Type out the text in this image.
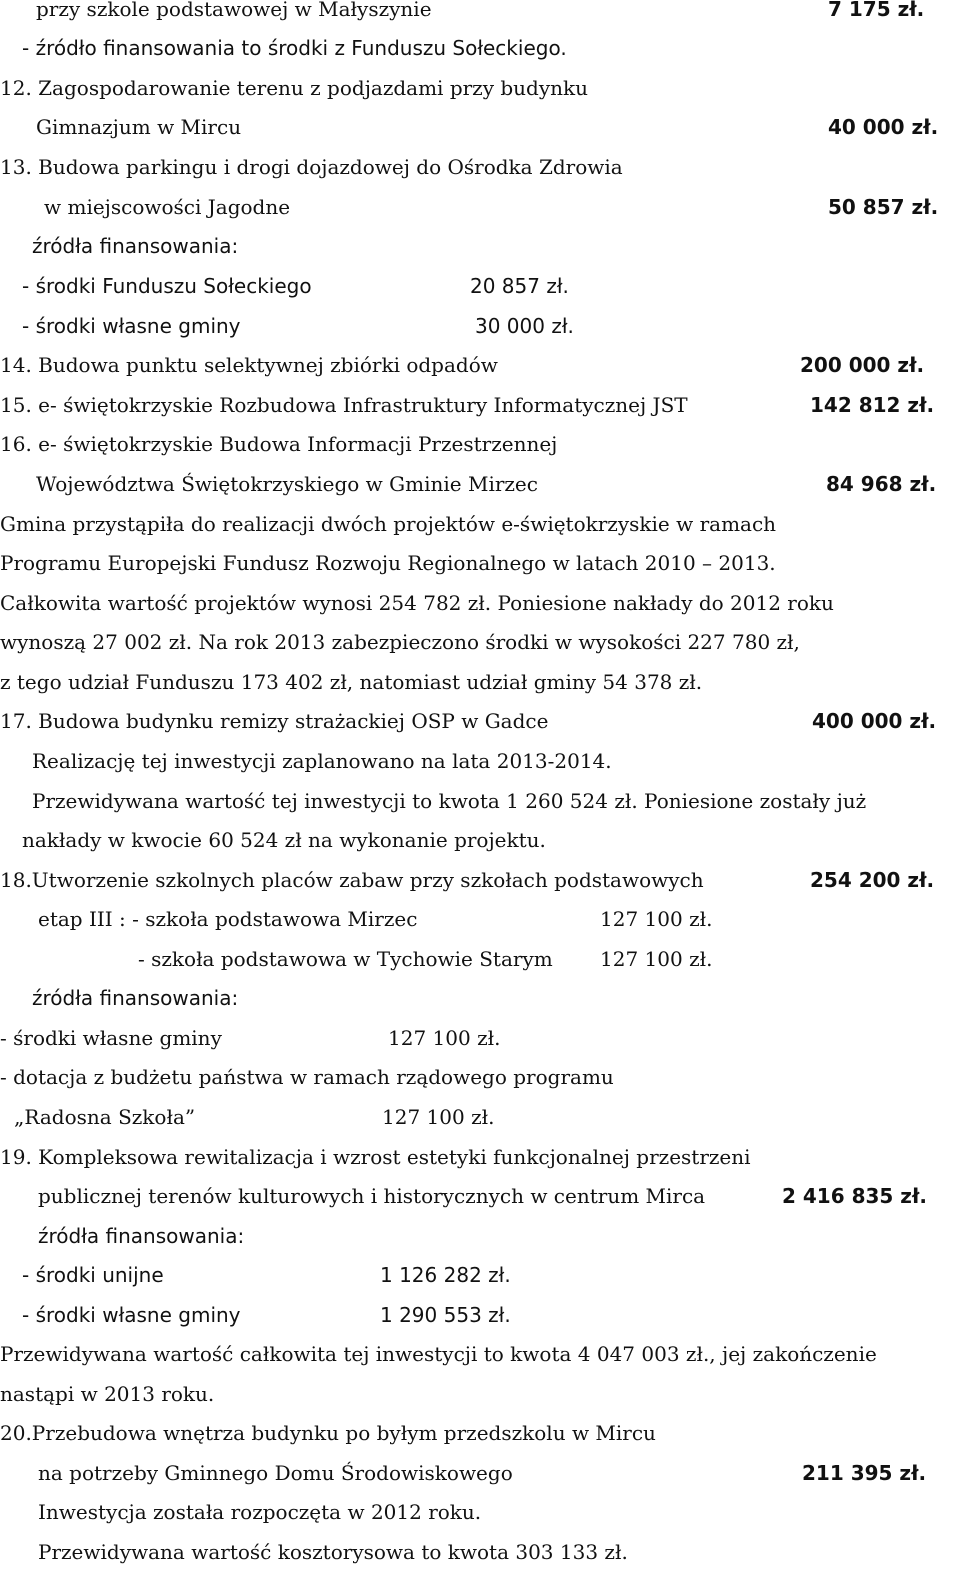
przy szkole podstawowej w Małyszynie	7 175 zł.
- źródło finansowania to środki z Funduszu Sołeckiego.
12. Zagospodarowanie terenu z podjazdami przy budynku
Gimnazjum w Mircu	40 000 zł.
13. Budowa parkingu i drogi dojazdowej do Ośrodka Zdrowia
w miejscowości Jagodne	50 857 zł.
źródła finansowania:
- środki Funduszu Sołeckiego	20 857 zł.
- środki własne gminy	30 000 zł.
14. Budowa punktu selektywnej zbiórki odpadów	200 000 zł.
15. e- świętokrzyskie Rozbudowa Infrastruktury Informatycznej JST	142 812 zł.
16. e- świętokrzyskie Budowa Informacji Przestrzennej
Województwa Świętokrzyskiego w Gminie Mirzec	84 968 zł.
Gmina przystąpiła do realizacji dwóch projektów e-świętokrzyskie w ramach
Programu Europejski Fundusz Rozwoju Regionalnego w latach 2010 – 2013.
Całkowita wartość projektów wynosi 254 782 zł. Poniesione nakłady do 2012 roku
wynoszą 27 002 zł. Na rok 2013 zabezpieczono środki w wysokości 227 780 zł,
z tego udział Funduszu 173 402 zł, natomiast udział gminy 54 378 zł.
17. Budowa budynku remizy strażackiej OSP w Gadce	400 000 zł.
Realizację tej inwestycji zaplanowano na lata 2013-2014.
Przewidywana wartość tej inwestycji to kwota 1 260 524 zł. Poniesione zostały już
nakłady w kwocie 60 524 zł na wykonanie projektu.
18.Utworzenie szkolnych placów zabaw przy szkołach podstawowych	254 200 zł.
etap III : - szkoła podstawowa Mirzec	127 100 zł.
- szkoła podstawowa w Tychowie Starym 127 100 zł.
źródła finansowania:
- środki własne gminy	127 100 zł.
- dotacja z budżetu państwa w ramach rządowego programu
„Radosna Szkoła”	127 100 zł.
19. Kompleksowa rewitalizacja i wzrost estetyki funkcjonalnej przestrzeni
publicznej terenów kulturowych i historycznych w centrum Mirca	2 416 835 zł.
źródła finansowania:
- środki unijne	1 126 282 zł.
- środki własne gminy	1 290 553 zł.
Przewidywana wartość całkowita tej inwestycji to kwota 4 047 003 zł., jej zakończenie
nastąpi w 2013 roku.
20.Przebudowa wnętrza budynku po byłym przedszkolu w Mircu
na potrzeby Gminnego Domu Środowiskowego	211 395 zł.
Inwestycja została rozpoczęta w 2012 roku.
Przewidywana wartość kosztorysowa to kwota 303 133 zł.
